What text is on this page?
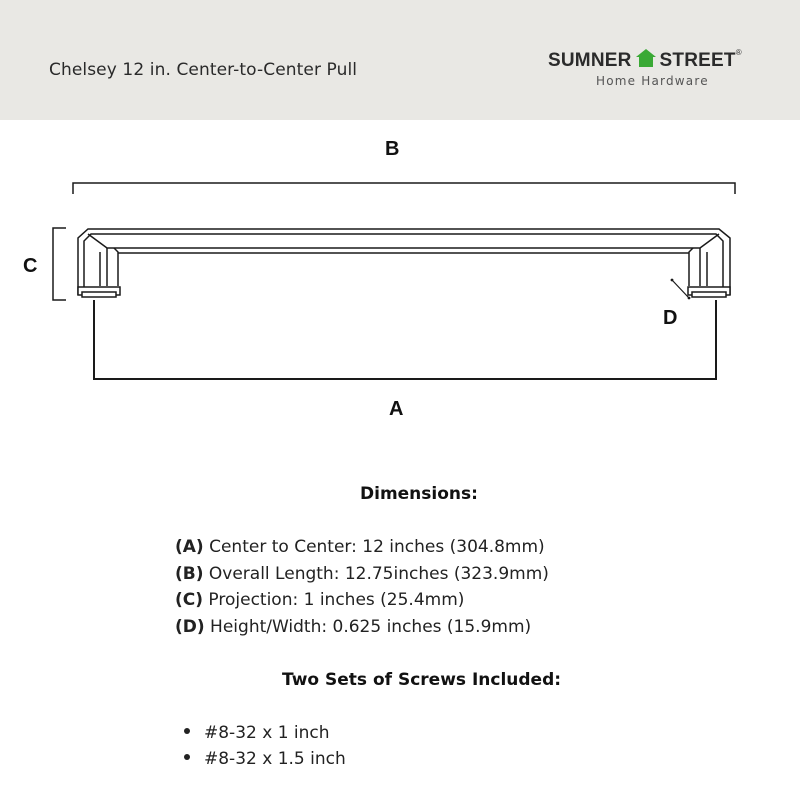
Chelsey 12 in. Center-to-Center Pull	SUMNER STREET®
Home Hardware
B
C
D
A
Dimensions:
(A) Center to Center: 12 inches (304.8mm)
(B) Overall Length: 12.75inches (323.9mm)
(C) Projection: 1 inches (25.4mm)
(D) Height/Width: 0.625 inches (15.9mm)
Two Sets of Screws Included:
#8-32 x 1 inch
#8-32 x 1.5 inch
